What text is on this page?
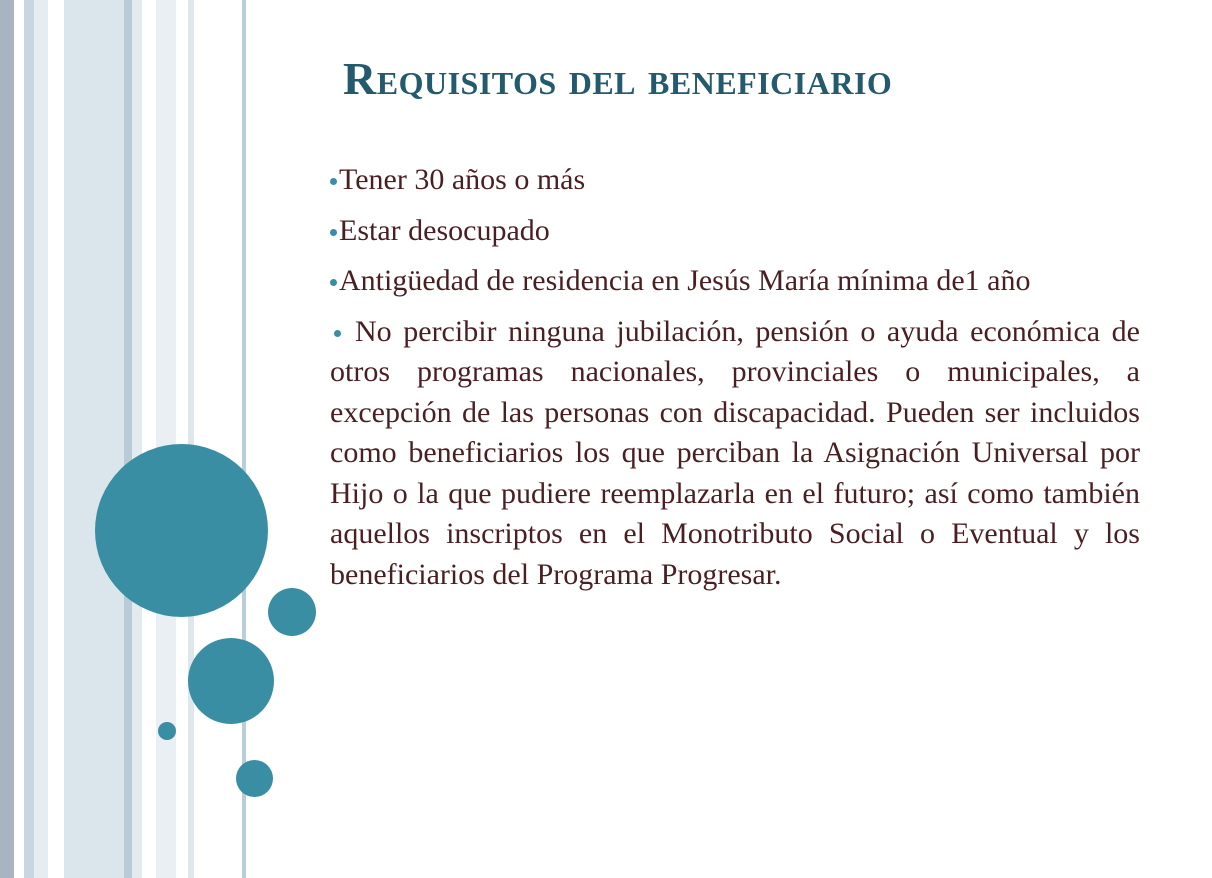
Requisitos del beneficiario

Tener 30 años o más

Estar desocupado

Antigüedad de residencia en Jesús María mínima de1 año

No percibir ninguna jubilación, pensión o ayuda económica de otros programas nacionales, provinciales o municipales, a excepción de las personas con discapacidad. Pueden ser incluidos como beneficiarios los que perciban la Asignación Universal por Hijo o la que pudiere reemplazarla en el futuro; así como también aquellos inscriptos en el Monotributo Social o Eventual y los beneficiarios del Programa Progresar.
